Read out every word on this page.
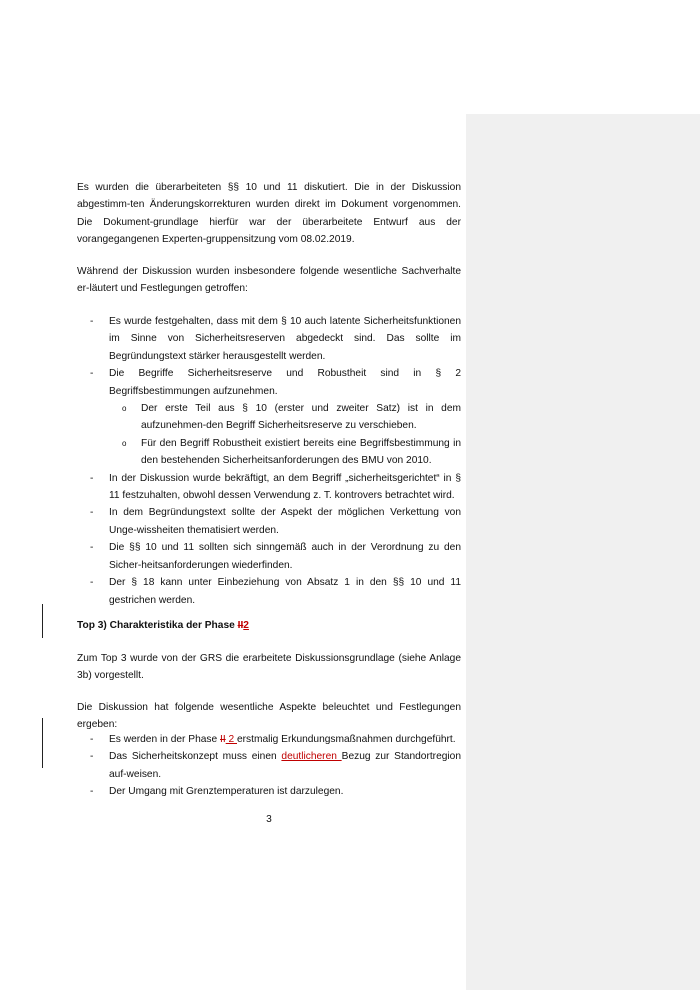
Es wurden die überarbeiteten §§ 10 und 11 diskutiert. Die in der Diskussion abgestimm-ten Änderungskorrekturen wurden direkt im Dokument vorgenommen. Die Dokument-grundlage hierfür war der überarbeitete Entwurf aus der vorangegangenen Experten-gruppensitzung vom 08.02.2019.

Während der Diskussion wurden insbesondere folgende wesentliche Sachverhalte er-läutert und Festlegungen getroffen:

- Es wurde festgehalten, dass mit dem § 10 auch latente Sicherheitsfunktionen im Sinne von Sicherheitsreserven abgedeckt sind. Das sollte im Begründungstext stärker herausgestellt werden.
- Die Begriffe Sicherheitsreserve und Robustheit sind in § 2 Begriffsbestimmungen aufzunehmen.
o Der erste Teil aus § 10 (erster und zweiter Satz) ist in dem aufzunehmen-den Begriff Sicherheitsreserve zu verschieben.
o Für den Begriff Robustheit existiert bereits eine Begriffsbestimmung in den bestehenden Sicherheitsanforderungen des BMU von 2010.
- In der Diskussion wurde bekräftigt, an dem Begriff „sicherheitsgerichtet“ in § 11 festzuhalten, obwohl dessen Verwendung z. T. kontrovers betrachtet wird.
- In dem Begründungstext sollte der Aspekt der möglichen Verkettung von Unge-wissheiten thematisiert werden.
- Die §§ 10 und 11 sollten sich sinngemäß auch in der Verordnung zu den Sicher-heitsanforderungen wiederfinden.
- Der § 18 kann unter Einbeziehung von Absatz 1 in den §§ 10 und 11 gestrichen werden.

Top 3) Charakteristika der Phase II2

Zum Top 3 wurde von der GRS die erarbeitete Diskussionsgrundlage (siehe Anlage 3b) vorgestellt.

Die Diskussion hat folgende wesentliche Aspekte beleuchtet und Festlegungen ergeben:

- Es werden in der Phase II 2 erstmalig Erkundungsmaßnahmen durchgeführt.
- Das Sicherheitskonzept muss einen deutlicheren Bezug zur Standortregion auf-weisen.
- Der Umgang mit Grenztemperaturen ist darzulegen.
3
